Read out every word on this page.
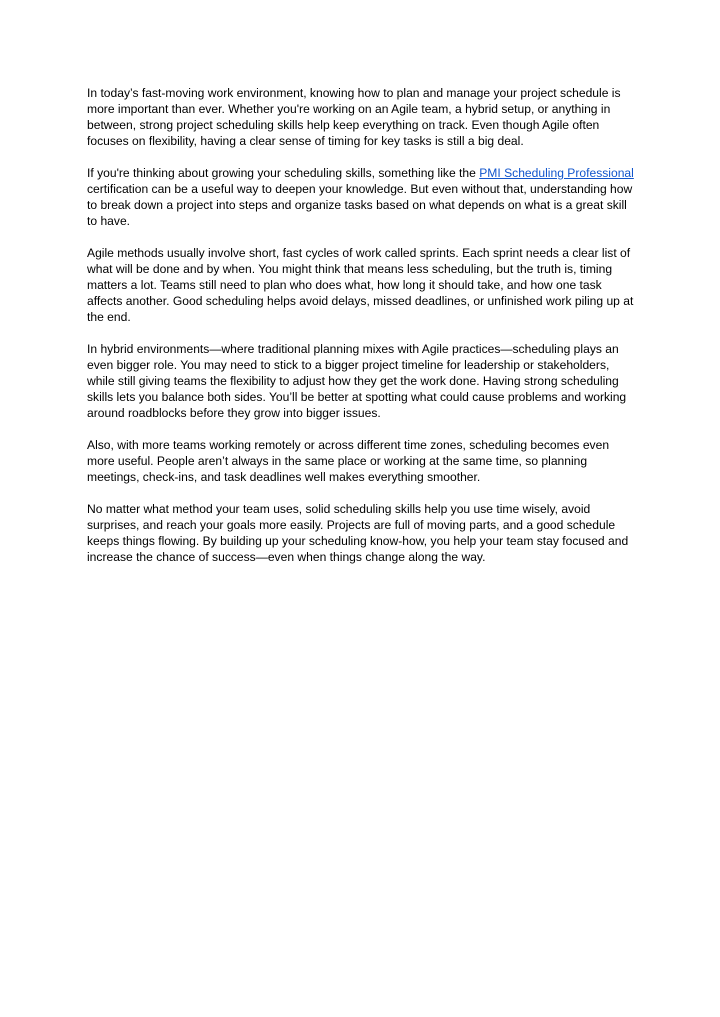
In today’s fast-moving work environment, knowing how to plan and manage your project schedule is more important than ever. Whether you're working on an Agile team, a hybrid setup, or anything in between, strong project scheduling skills help keep everything on track. Even though Agile often focuses on flexibility, having a clear sense of timing for key tasks is still a big deal.

If you're thinking about growing your scheduling skills, something like the PMI Scheduling Professional certification can be a useful way to deepen your knowledge. But even without that, understanding how to break down a project into steps and organize tasks based on what depends on what is a great skill to have.

Agile methods usually involve short, fast cycles of work called sprints. Each sprint needs a clear list of what will be done and by when. You might think that means less scheduling, but the truth is, timing matters a lot. Teams still need to plan who does what, how long it should take, and how one task affects another. Good scheduling helps avoid delays, missed deadlines, or unfinished work piling up at the end.

In hybrid environments—where traditional planning mixes with Agile practices—scheduling plays an even bigger role. You may need to stick to a bigger project timeline for leadership or stakeholders, while still giving teams the flexibility to adjust how they get the work done. Having strong scheduling skills lets you balance both sides. You’ll be better at spotting what could cause problems and working around roadblocks before they grow into bigger issues.

Also, with more teams working remotely or across different time zones, scheduling becomes even more useful. People aren’t always in the same place or working at the same time, so planning meetings, check-ins, and task deadlines well makes everything smoother.

No matter what method your team uses, solid scheduling skills help you use time wisely, avoid surprises, and reach your goals more easily. Projects are full of moving parts, and a good schedule keeps things flowing. By building up your scheduling know-how, you help your team stay focused and increase the chance of success—even when things change along the way.
